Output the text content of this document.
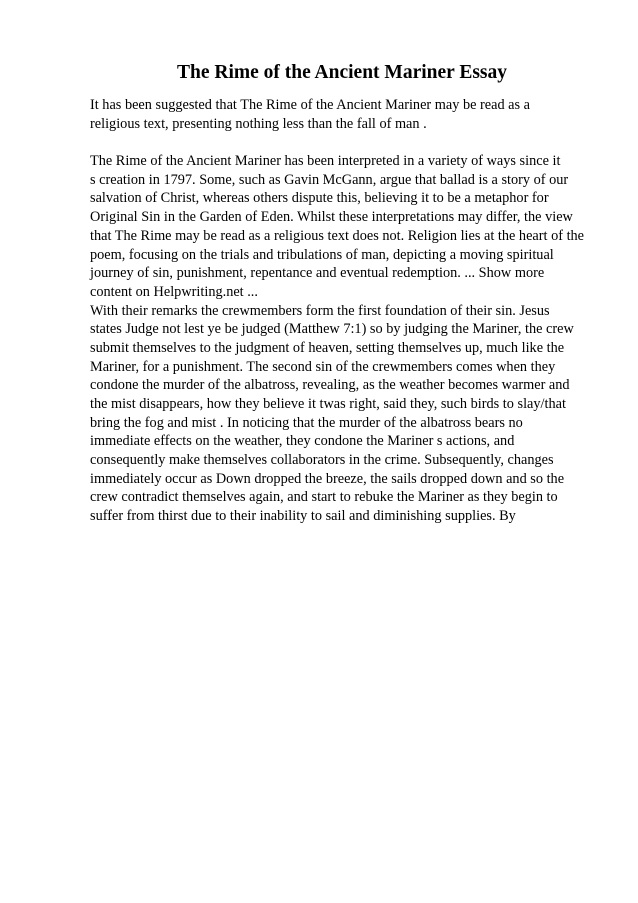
The Rime of the Ancient Mariner Essay
It has been suggested that The Rime of the Ancient Mariner may be read as a
religious text, presenting nothing less than the fall of man .
The Rime of the Ancient Mariner has been interpreted in a variety of ways since it
s creation in 1797. Some, such as Gavin McGann, argue that ballad is a story of our
salvation of Christ, whereas others dispute this, believing it to be a metaphor for
Original Sin in the Garden of Eden. Whilst these interpretations may differ, the view
that The Rime may be read as a religious text does not. Religion lies at the heart of the
poem, focusing on the trials and tribulations of man, depicting a moving spiritual
journey of sin, punishment, repentance and eventual redemption. ... Show more
content on Helpwriting.net ...
With their remarks the crewmembers form the first foundation of their sin. Jesus
states Judge not lest ye be judged (Matthew 7:1) so by judging the Mariner, the crew
submit themselves to the judgment of heaven, setting themselves up, much like the
Mariner, for a punishment. The second sin of the crewmembers comes when they
condone the murder of the albatross, revealing, as the weather becomes warmer and
the mist disappears, how they believe it twas right, said they, such birds to slay/that
bring the fog and mist . In noticing that the murder of the albatross bears no
immediate effects on the weather, they condone the Mariner s actions, and
consequently make themselves collaborators in the crime. Subsequently, changes
immediately occur as Down dropped the breeze, the sails dropped down and so the
crew contradict themselves again, and start to rebuke the Mariner as they begin to
suffer from thirst due to their inability to sail and diminishing supplies. By
